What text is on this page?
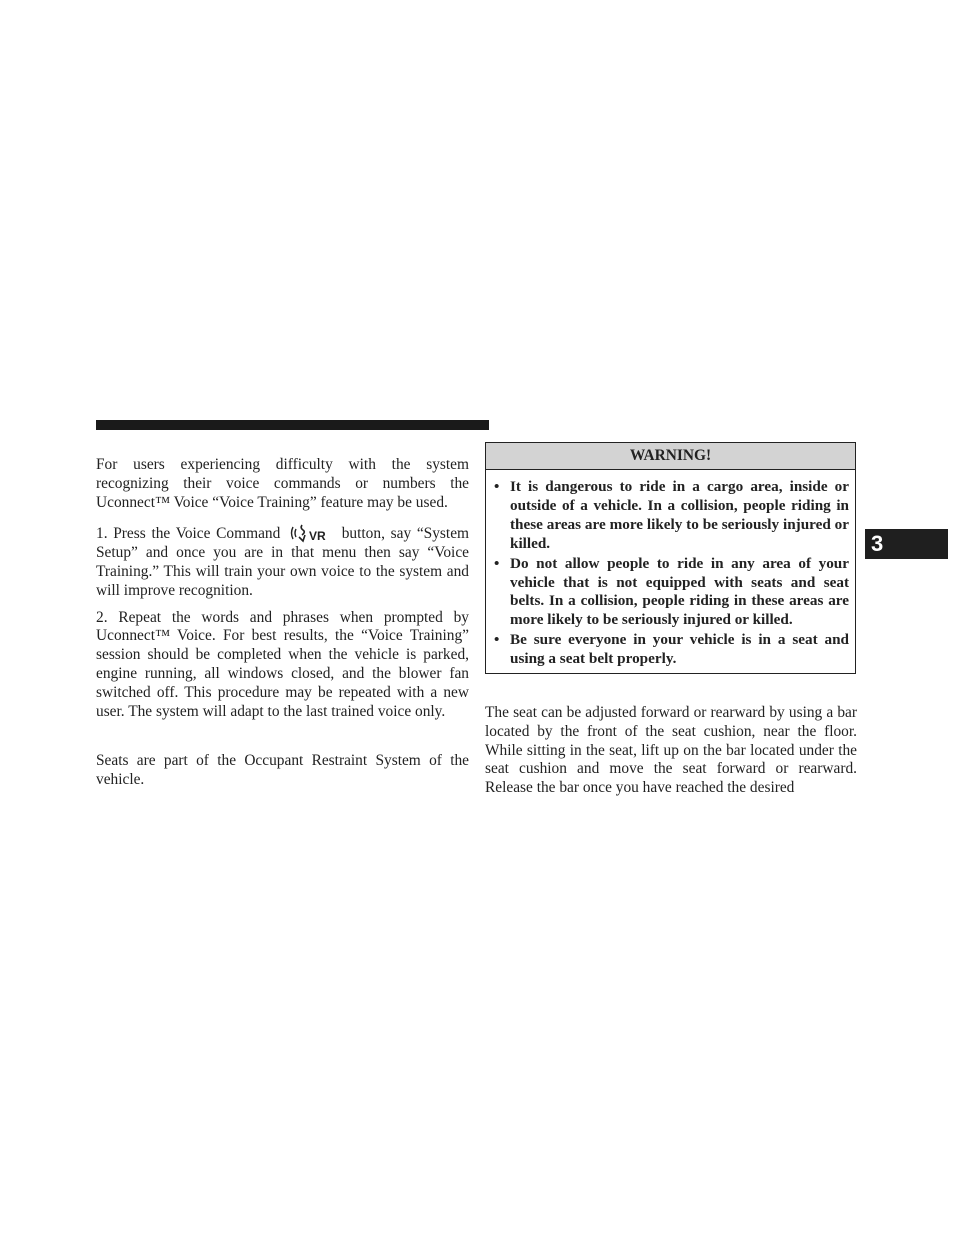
For users experiencing difficulty with the system recognizing their voice commands or numbers the Uconnect™ Voice “Voice Training” feature may be used.

1. Press the Voice Command VR button, say “System Setup” and once you are in that menu then say “Voice Training.” This will train your own voice to the system and will improve recognition.

2. Repeat the words and phrases when prompted by Uconnect™ Voice. For best results, the “Voice Training” session should be completed when the vehicle is parked, engine running, all windows closed, and the blower fan switched off. This procedure may be repeated with a new user. The system will adapt to the last trained voice only.

Seats are part of the Occupant Restraint System of the vehicle.

WARNING!
• It is dangerous to ride in a cargo area, inside or outside of a vehicle. In a collision, people riding in these areas are more likely to be seriously injured or killed.
• Do not allow people to ride in any area of your vehicle that is not equipped with seats and seat belts. In a collision, people riding in these areas are more likely to be seriously injured or killed.
• Be sure everyone in your vehicle is in a seat and using a seat belt properly.

The seat can be adjusted forward or rearward by using a bar located by the front of the seat cushion, near the floor. While sitting in the seat, lift up on the bar located under the seat cushion and move the seat forward or rearward. Release the bar once you have reached the desired

3
